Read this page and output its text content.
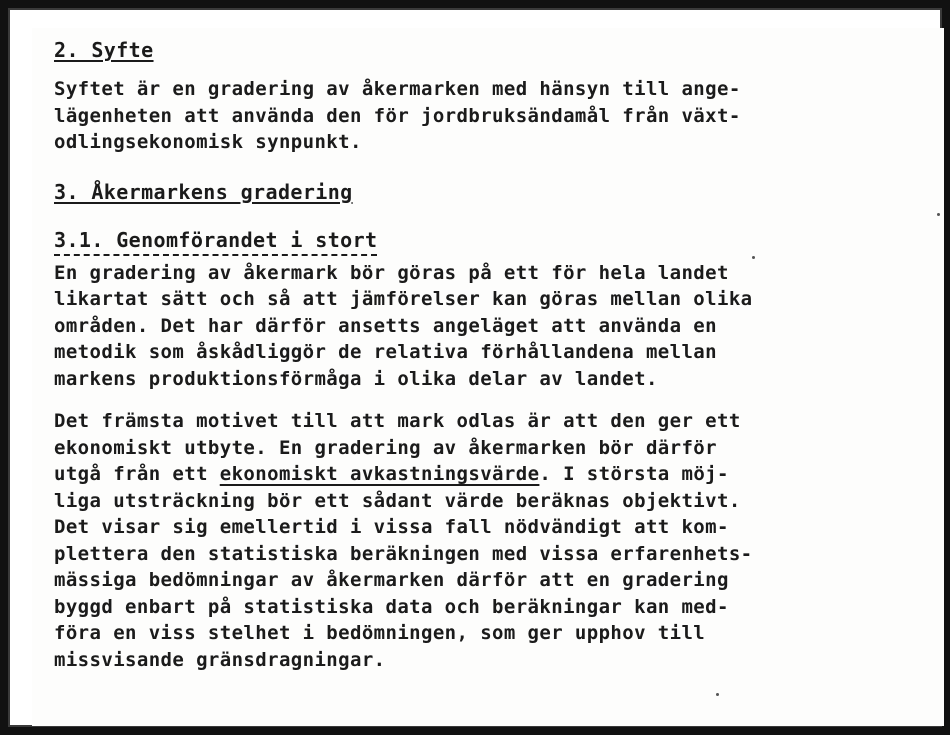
2. Syfte
Syftet är en gradering av åkermarken med hänsyn till ange-
lägenheten att använda den för jordbruksändamål från växt-
odlingsekonomisk synpunkt.
3. Åkermarkens gradering
3.1. Genomförandet i stort
En gradering av åkermark bör göras på ett för hela landet
likartat sätt och så att jämförelser kan göras mellan olika
områden. Det har därför ansetts angeläget att använda en
metodik som åskådliggör de relativa förhållandena mellan
markens produktionsförmåga i olika delar av landet.
Det främsta motivet till att mark odlas är att den ger ett
ekonomiskt utbyte. En gradering av åkermarken bör därför
utgå från ett ekonomiskt avkastningsvärde. I största möj-
liga utsträckning bör ett sådant värde beräknas objektivt.
Det visar sig emellertid i vissa fall nödvändigt att kom-
plettera den statistiska beräkningen med vissa erfarenhets-
mässiga bedömningar av åkermarken därför att en gradering
byggd enbart på statistiska data och beräkningar kan med-
föra en viss stelhet i bedömningen, som ger upphov till
missvisande gränsdragningar.
